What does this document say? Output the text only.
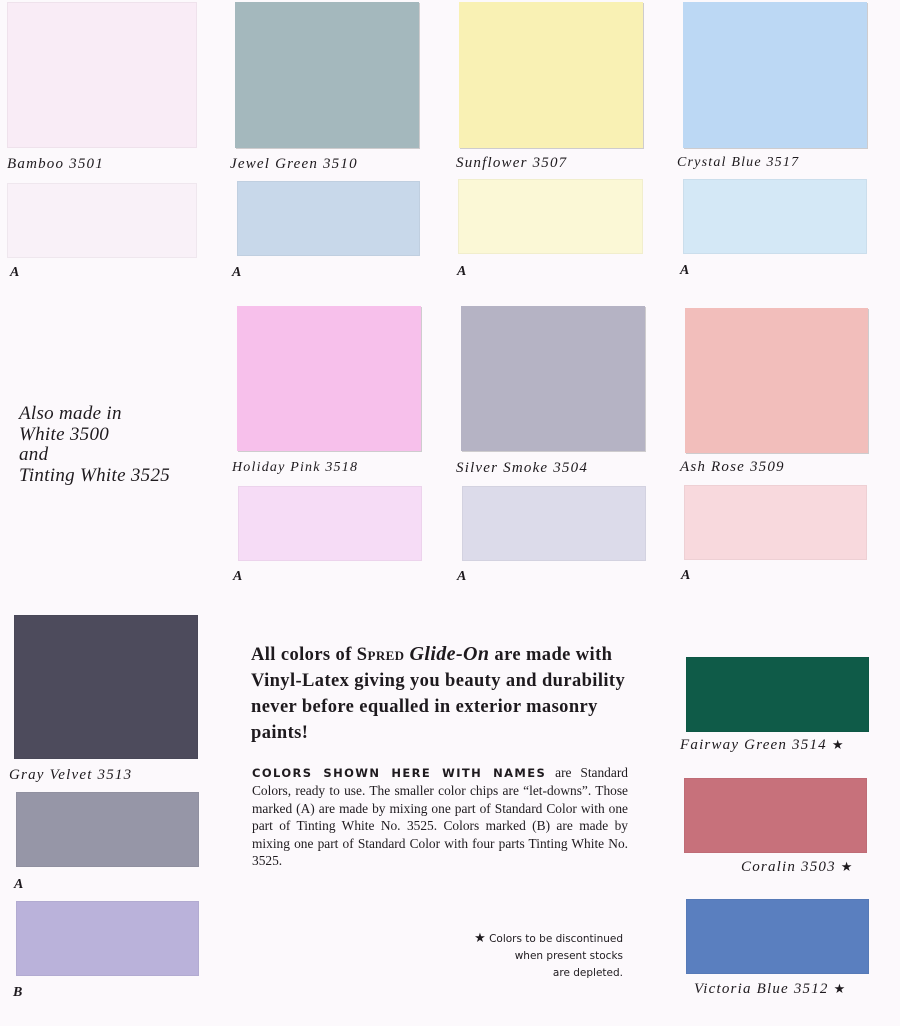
Bamboo 3501
A
Jewel Green 3510
A
Sunflower 3507
A
Crystal Blue 3517
A
Also made in
White 3500
and
Tinting White 3525	Holiday Pink 3518
A
Silver Smoke 3504
A
Ash Rose 3509
A
Gray Velvet 3513
A
B
All colors of Spred Glide-On are made with Vinyl-Latex giving you beauty and durability never before equalled in exterior masonry paints!
COLORS SHOWN HERE WITH NAMES are Standard Colors, ready to use. The smaller color chips are “let-downs”. Those marked (A) are made by mixing one part of Standard Color with one part of Tinting White No. 3525. Colors marked (B) are made by mixing one part of Standard Color with four parts Tinting White No. 3525.
★ Colors to be discontinued
when present stocks
are depleted.
Fairway Green 3514 ★
Coralin 3503 ★
Victoria Blue 3512 ★
